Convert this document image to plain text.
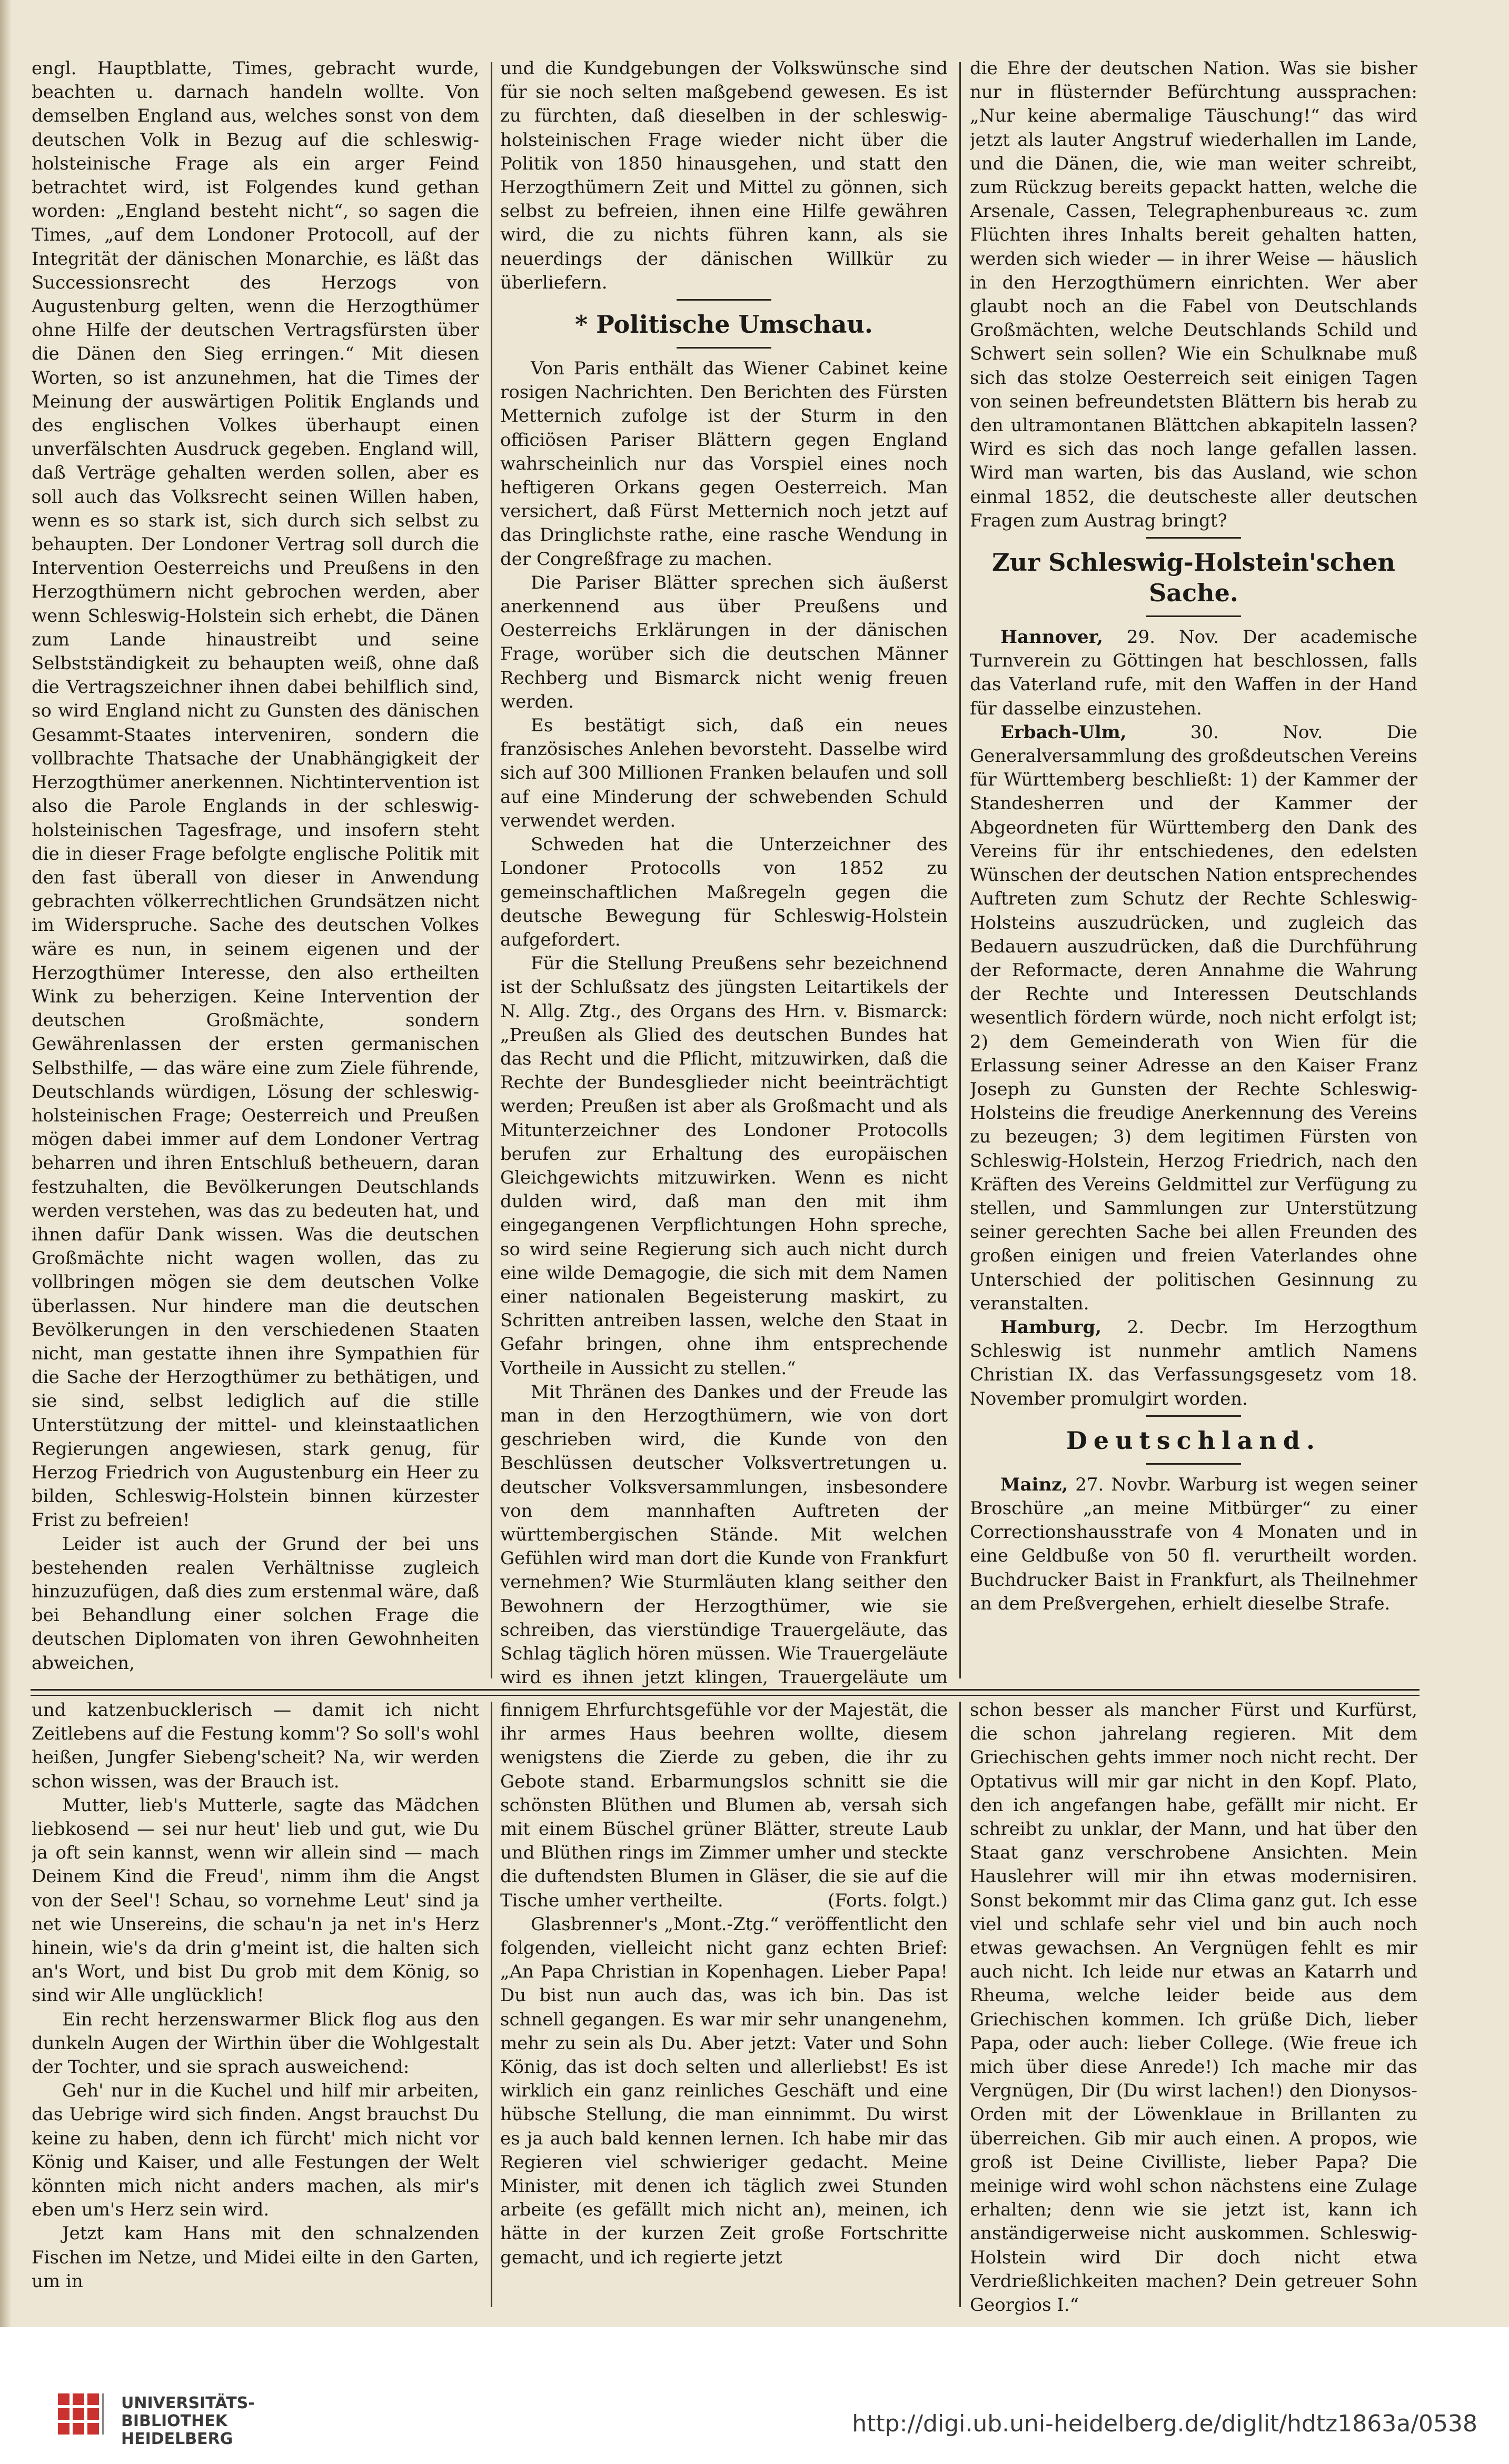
engl. Hauptblatte, Times, gebracht wurde, beachten u. darnach handeln wollte. Von demselben England aus, welches sonst von dem deutschen Volk in Bezug auf die schleswig-holsteinische Frage als ein arger Feind betrachtet wird, ist Folgendes kund gethan worden: „England besteht nicht“, so sagen die Times, „auf dem Londoner Protocoll, auf der Integrität der dänischen Monarchie, es läßt das Successionsrecht des Herzogs von Augustenburg gelten, wenn die Herzogthümer ohne Hilfe der deutschen Vertragsfürsten über die Dänen den Sieg erringen.“ Mit diesen Worten, so ist anzunehmen, hat die Times der Meinung der auswärtigen Politik Englands und des englischen Volkes überhaupt einen unverfälschten Ausdruck gegeben. England will, daß Verträge gehalten werden sollen, aber es soll auch das Volksrecht seinen Willen haben, wenn es so stark ist, sich durch sich selbst zu behaupten. Der Londoner Vertrag soll durch die Intervention Oesterreichs und Preußens in den Herzogthümern nicht gebrochen werden, aber wenn Schleswig-Holstein sich erhebt, die Dänen zum Lande hinaustreibt und seine Selbstständigkeit zu behaupten weiß, ohne daß die Vertragszeichner ihnen dabei behilflich sind, so wird England nicht zu Gunsten des dänischen Gesammt-Staates interveniren, sondern die vollbrachte Thatsache der Unabhängigkeit der Herzogthümer anerkennen. Nichtintervention ist also die Parole Englands in der schleswig-holsteinischen Tagesfrage, und insofern steht die in dieser Frage befolgte englische Politik mit den fast überall von dieser in Anwendung gebrachten völkerrechtlichen Grundsätzen nicht im Widerspruche. Sache des deutschen Volkes wäre es nun, in seinem eigenen und der Herzogthümer Interesse, den also ertheilten Wink zu beherzigen. Keine Intervention der deutschen Großmächte, sondern Gewährenlassen der ersten germanischen Selbsthilfe, — das wäre eine zum Ziele führende, Deutschlands würdigen, Lösung der schleswig-holsteinischen Frage; Oesterreich und Preußen mögen dabei immer auf dem Londoner Vertrag beharren und ihren Entschluß betheuern, daran festzuhalten, die Bevölkerungen Deutschlands werden verstehen, was das zu bedeuten hat, und ihnen dafür Dank wissen. Was die deutschen Großmächte nicht wagen wollen, das zu vollbringen mögen sie dem deutschen Volke überlassen. Nur hindere man die deutschen Bevölkerungen in den verschiedenen Staaten nicht, man gestatte ihnen ihre Sympathien für die Sache der Herzogthümer zu bethätigen, und sie sind, selbst lediglich auf die stille Unterstützung der mittel- und kleinstaatlichen Regierungen angewiesen, stark genug, für Herzog Friedrich von Augustenburg ein Heer zu bilden, Schleswig-Holstein binnen kürzester Frist zu befreien!

Leider ist auch der Grund der bei uns bestehenden realen Verhältnisse zugleich hinzuzufügen, daß dies zum erstenmal wäre, daß bei Behandlung einer solchen Frage die deutschen Diplomaten von ihren Gewohnheiten abweichen,

und die Kundgebungen der Volkswünsche sind für sie noch selten maßgebend gewesen. Es ist zu fürchten, daß dieselben in der schleswig-holsteinischen Frage wieder nicht über die Politik von 1850 hinausgehen, und statt den Herzogthümern Zeit und Mittel zu gönnen, sich selbst zu befreien, ihnen eine Hilfe gewähren wird, die zu nichts führen kann, als sie neuerdings der dänischen Willkür zu überliefern.

* Politische Umschau.

Von Paris enthält das Wiener Cabinet keine rosigen Nachrichten. Den Berichten des Fürsten Metternich zufolge ist der Sturm in den officiösen Pariser Blättern gegen England wahrscheinlich nur das Vorspiel eines noch heftigeren Orkans gegen Oesterreich. Man versichert, daß Fürst Metternich noch jetzt auf das Dringlichste rathe, eine rasche Wendung in der Congreßfrage zu machen.

Die Pariser Blätter sprechen sich äußerst anerkennend aus über Preußens und Oesterreichs Erklärungen in der dänischen Frage, worüber sich die deutschen Männer Rechberg und Bismarck nicht wenig freuen werden.

Es bestätigt sich, daß ein neues französisches Anlehen bevorsteht. Dasselbe wird sich auf 300 Millionen Franken belaufen und soll auf eine Minderung der schwebenden Schuld verwendet werden.

Schweden hat die Unterzeichner des Londoner Protocolls von 1852 zu gemeinschaftlichen Maßregeln gegen die deutsche Bewegung für Schleswig-Holstein aufgefordert.

Für die Stellung Preußens sehr bezeichnend ist der Schlußsatz des jüngsten Leitartikels der N. Allg. Ztg., des Organs des Hrn. v. Bismarck: „Preußen als Glied des deutschen Bundes hat das Recht und die Pflicht, mitzuwirken, daß die Rechte der Bundesglieder nicht beeinträchtigt werden; Preußen ist aber als Großmacht und als Mitunterzeichner des Londoner Protocolls berufen zur Erhaltung des europäischen Gleichgewichts mitzuwirken. Wenn es nicht dulden wird, daß man den mit ihm eingegangenen Verpflichtungen Hohn spreche, so wird seine Regierung sich auch nicht durch eine wilde Demagogie, die sich mit dem Namen einer nationalen Begeisterung maskirt, zu Schritten antreiben lassen, welche den Staat in Gefahr bringen, ohne ihm entsprechende Vortheile in Aussicht zu stellen.“

Mit Thränen des Dankes und der Freude las man in den Herzogthümern, wie von dort geschrieben wird, die Kunde von den Beschlüssen deutscher Volksvertretungen u. deutscher Volksversammlungen, insbesondere von dem mannhaften Auftreten der württembergischen Stände. Mit welchen Gefühlen wird man dort die Kunde von Frankfurt vernehmen? Wie Sturmläuten klang seither den Bewohnern der Herzogthümer, wie sie schreiben, das vierstündige Trauergeläute, das Schlag täglich hören müssen. Wie Trauergeläute wird es ihnen jetzt klingen, Trauergeläute um

die Ehre der deutschen Nation. Was sie bisher nur in flüsternder Befürchtung aussprachen: „Nur keine abermalige Täuschung!“ das wird jetzt als lauter Angstruf wiederhallen im Lande, und die Dänen, die, wie man weiter schreibt, zum Rückzug bereits gepackt hatten, welche die Arsenale, Cassen, Telegraphenbureaus ꝛc. zum Flüchten ihres Inhalts bereit gehalten hatten, werden sich wieder — in ihrer Weise — häuslich in den Herzogthümern einrichten. Wer aber glaubt noch an die Fabel von Deutschlands Großmächten, welche Deutschlands Schild und Schwert sein sollen? Wie ein Schulknabe muß sich das stolze Oesterreich seit einigen Tagen von seinen befreundetsten Blättern bis herab zu den ultramontanen Blättchen abkapiteln lassen? Wird es sich das noch lange gefallen lassen. Wird man warten, bis das Ausland, wie schon einmal 1852, die deutscheste aller deutschen Fragen zum Austrag bringt?

Zur Schleswig-Holstein'schen Sache.

Hannover, 29. Nov. Der academische Turnverein zu Göttingen hat beschlossen, falls das Vaterland rufe, mit den Waffen in der Hand für dasselbe einzustehen.

Erbach-Ulm, 30. Nov. Die Generalversammlung des großdeutschen Vereins für Württemberg beschließt: 1) der Kammer der Standesherren und der Kammer der Abgeordneten für Württemberg den Dank des Vereins für ihr entschiedenes, den edelsten Wünschen der deutschen Nation entsprechendes Auftreten zum Schutz der Rechte Schleswig-Holsteins auszudrücken, und zugleich das Bedauern auszudrücken, daß die Durchführung der Reformacte, deren Annahme die Wahrung der Rechte und Interessen Deutschlands wesentlich fördern würde, noch nicht erfolgt ist; 2) dem Gemeinderath von Wien für die Erlassung seiner Adresse an den Kaiser Franz Joseph zu Gunsten der Rechte Schleswig-Holsteins die freudige Anerkennung des Vereins zu bezeugen; 3) dem legitimen Fürsten von Schleswig-Holstein, Herzog Friedrich, nach den Kräften des Vereins Geldmittel zur Verfügung zu stellen, und Sammlungen zur Unterstützung seiner gerechten Sache bei allen Freunden des großen einigen und freien Vaterlandes ohne Unterschied der politischen Gesinnung zu veranstalten.

Hamburg, 2. Decbr. Im Herzogthum Schleswig ist nunmehr amtlich Namens Christian IX. das Verfassungsgesetz vom 18. November promulgirt worden.

Deutschland.

Mainz, 27. Novbr. Warburg ist wegen seiner Broschüre „an meine Mitbürger“ zu einer Correctionshausstrafe von 4 Monaten und in eine Geldbuße von 50 fl. verurtheilt worden. Buchdrucker Baist in Frankfurt, als Theilnehmer an dem Preßvergehen, erhielt dieselbe Strafe.

und katzenbucklerisch — damit ich nicht Zeitlebens auf die Festung komm'? So soll's wohl heißen, Jungfer Siebeng'scheit? Na, wir werden schon wissen, was der Brauch ist.

Mutter, lieb's Mutterle, sagte das Mädchen liebkosend — sei nur heut' lieb und gut, wie Du ja oft sein kannst, wenn wir allein sind — mach Deinem Kind die Freud', nimm ihm die Angst von der Seel'! Schau, so vornehme Leut' sind ja net wie Unsereins, die schau'n ja net in's Herz hinein, wie's da drin g'meint ist, die halten sich an's Wort, und bist Du grob mit dem König, so sind wir Alle unglücklich!

Ein recht herzenswarmer Blick flog aus den dunkeln Augen der Wirthin über die Wohlgestalt der Tochter, und sie sprach ausweichend:

Geh' nur in die Kuchel und hilf mir arbeiten, das Uebrige wird sich finden. Angst brauchst Du keine zu haben, denn ich fürcht' mich nicht vor König und Kaiser, und alle Festungen der Welt könnten mich nicht anders machen, als mir's eben um's Herz sein wird.

Jetzt kam Hans mit den schnalzenden Fischen im Netze, und Midei eilte in den Garten, um in

finnigem Ehrfurchtsgefühle vor der Majestät, die ihr armes Haus beehren wollte, diesem wenigstens die Zierde zu geben, die ihr zu Gebote stand. Erbarmungslos schnitt sie die schönsten Blüthen und Blumen ab, versah sich mit einem Büschel grüner Blätter, streute Laub und Blüthen rings im Zimmer umher und steckte die duftendsten Blumen in Gläser, die sie auf die Tische umher vertheilte.	(Forts. folgt.)

Glasbrenner's „Mont.-Ztg.“ veröffentlicht den folgenden, vielleicht nicht ganz echten Brief: „An Papa Christian in Kopenhagen. Lieber Papa! Du bist nun auch das, was ich bin. Das ist schnell gegangen. Es war mir sehr unangenehm, mehr zu sein als Du. Aber jetzt: Vater und Sohn König, das ist doch selten und allerliebst! Es ist wirklich ein ganz reinliches Geschäft und eine hübsche Stellung, die man einnimmt. Du wirst es ja auch bald kennen lernen. Ich habe mir das Regieren viel schwieriger gedacht. Meine Minister, mit denen ich täglich zwei Stunden arbeite (es gefällt mich nicht an), meinen, ich hätte in der kurzen Zeit große Fortschritte gemacht, und ich regierte jetzt

schon besser als mancher Fürst und Kurfürst, die schon jahrelang regieren. Mit dem Griechischen gehts immer noch nicht recht. Der Optativus will mir gar nicht in den Kopf. Plato, den ich angefangen habe, gefällt mir nicht. Er schreibt zu unklar, der Mann, und hat über den Staat ganz verschrobene Ansichten. Mein Hauslehrer will mir ihn etwas modernisiren. Sonst bekommt mir das Clima ganz gut. Ich esse viel und schlafe sehr viel und bin auch noch etwas gewachsen. An Vergnügen fehlt es mir auch nicht. Ich leide nur etwas an Katarrh und Rheuma, welche leider beide aus dem Griechischen kommen. Ich grüße Dich, lieber Papa, oder auch: lieber College. (Wie freue ich mich über diese Anrede!) Ich mache mir das Vergnügen, Dir (Du wirst lachen!) den Dionysos-Orden mit der Löwenklaue in Brillanten zu überreichen. Gib mir auch einen. A propos, wie groß ist Deine Civilliste, lieber Papa? Die meinige wird wohl schon nächstens eine Zulage erhalten; denn wie sie jetzt ist, kann ich anständigerweise nicht auskommen. Schleswig-Holstein wird Dir doch nicht etwa Verdrießlichkeiten machen? Dein getreuer Sohn Georgios I.“

UNIVERSITÄTS-
BIBLIOTHEK
HEIDELBERG
http://digi.ub.uni-heidelberg.de/diglit/hdtz1863a/0538
